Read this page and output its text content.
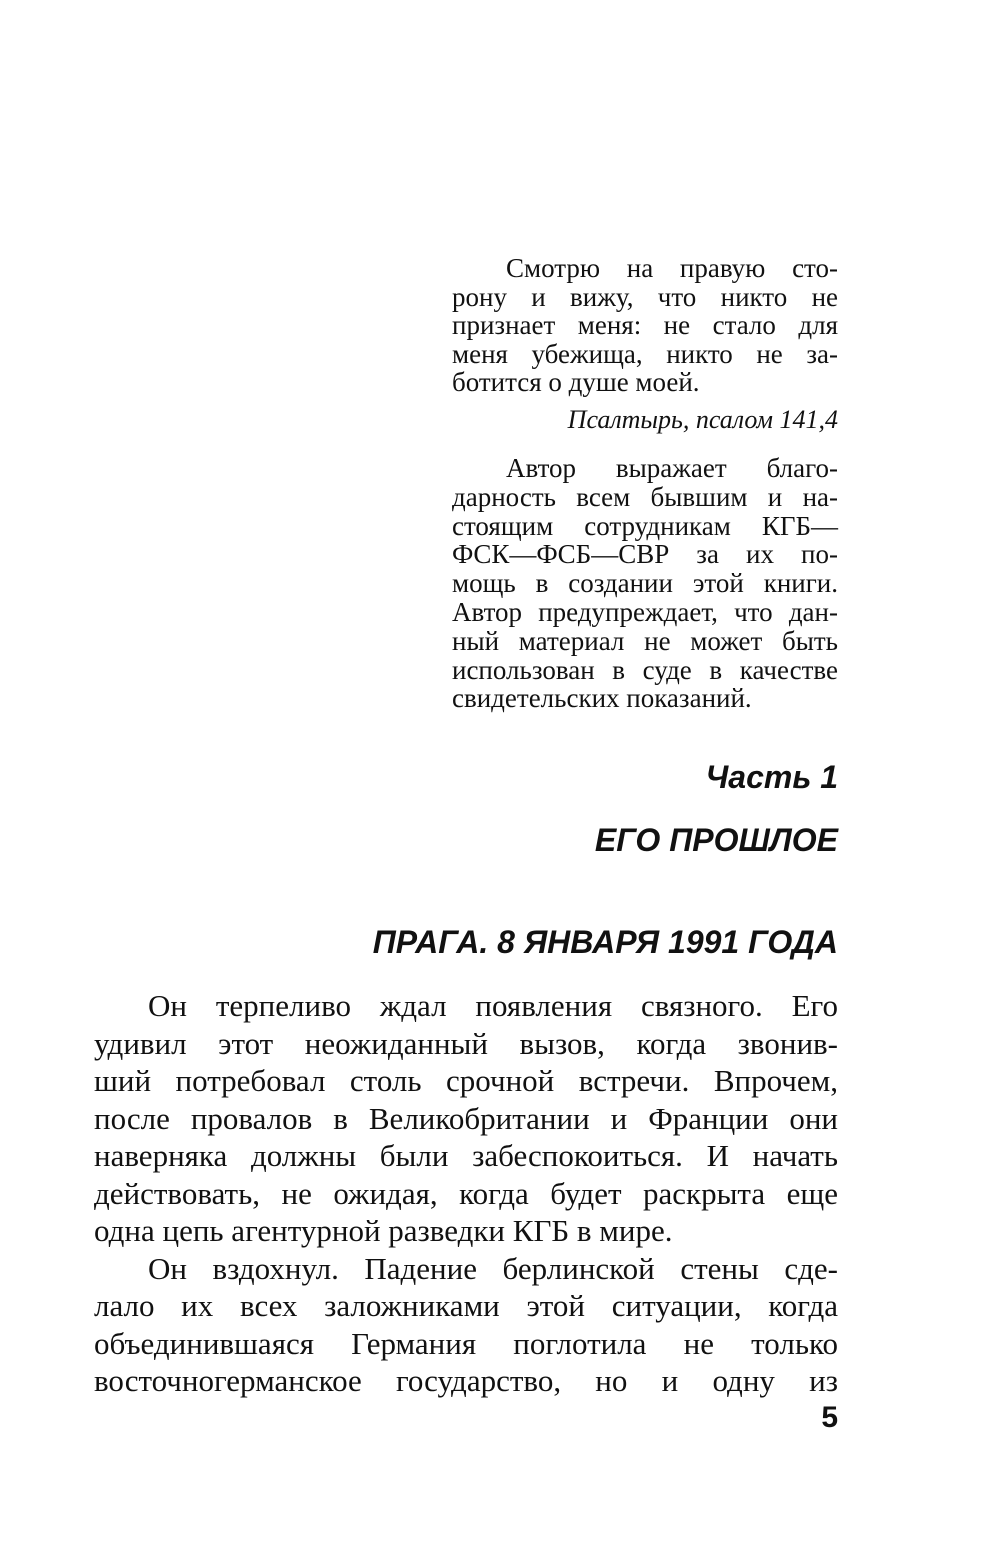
Смотрю на правую сто-
рону и вижу, что никто не
признает меня: не стало для
меня убежища, никто не за-
ботится о душе моей.
Псалтырь, псалом 141,4
Автор выражает благо-
дарность всем бывшим и на-
стоящим сотрудникам КГБ—
ФСК—ФСБ—СВР за их по-
мощь в создании этой книги.
Автор предупреждает, что дан-
ный материал не может быть
использован в суде в качестве
свидетельских показаний.
Часть 1
ЕГО ПРОШЛОЕ
ПРАГА. 8 ЯНВАРЯ 1991 ГОДА
Он терпеливо ждал появления связного. Его
удивил этот неожиданный вызов, когда звонив-
ший потребовал столь срочной встречи. Впрочем,
после провалов в Великобритании и Франции они
наверняка должны были забеспокоиться. И начать
действовать, не ожидая, когда будет раскрыта еще
одна цепь агентурной разведки КГБ в мире.
Он вздохнул. Падение берлинской стены сде-
лало их всех заложниками этой ситуации, когда
объединившаяся Германия поглотила не только
восточногерманское государство, но и одну из
5
